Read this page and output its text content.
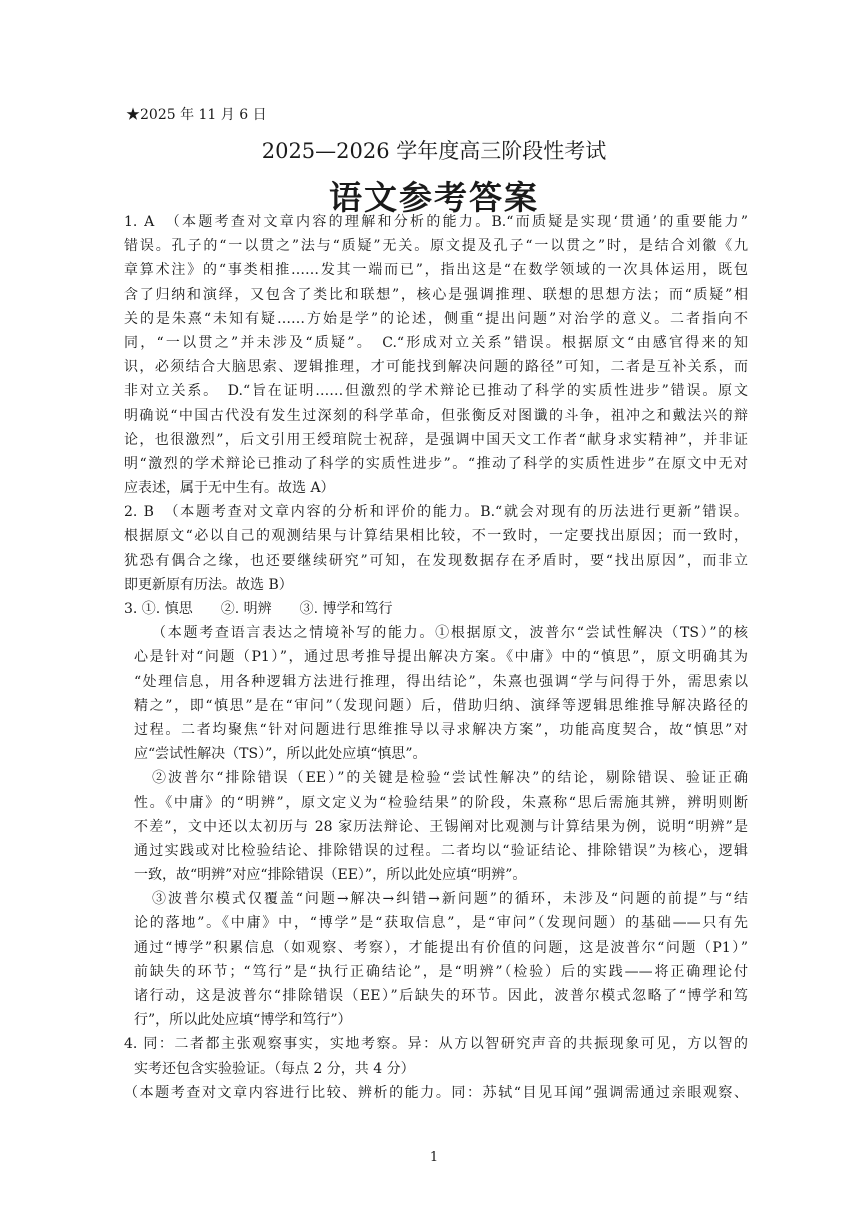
★2025 年 11 月 6 日
2025—2026 学年度高三阶段性考试
语文参考答案
1. A　（本题考查对文章内容的理解和分析的能力。B.“而质疑是实现‘贯通’的重要能力”
错误。孔子的“一以贯之”法与“质疑”无关。原文提及孔子“一以贯之”时，是结合刘徽《九
章算术注》的“事类相推……发其一端而已”，指出这是“在数学领域的一次具体运用，既包
含了归纳和演绎，又包含了类比和联想”，核心是强调推理、联想的思想方法；而“质疑”相
关的是朱熹“未知有疑……方始是学”的论述，侧重“提出问题”对治学的意义。二者指向不
同，“一以贯之”并未涉及“质疑”。　C.“形成对立关系”错误。根据原文“由感官得来的知
识，必须结合大脑思索、逻辑推理，才可能找到解决问题的路径”可知，二者是互补关系，而
非对立关系。　D.“旨在证明……但激烈的学术辩论已推动了科学的实质性进步”错误。原文
明确说“中国古代没有发生过深刻的科学革命，但张衡反对图谶的斗争，祖冲之和戴法兴的辩
论，也很激烈”，后文引用王绶琯院士祝辞，是强调中国天文工作者“献身求实精神”，并非证
明“激烈的学术辩论已推动了科学的实质性进步”。“推动了科学的实质性进步”在原文中无对
应表述，属于无中生有。故选 A）
2. B　（本题考查对文章内容的分析和评价的能力。B.“就会对现有的历法进行更新”错误。
根据原文“必以自己的观测结果与计算结果相比较，不一致时，一定要找出原因；而一致时，
犹恐有偶合之缘，也还要继续研究”可知，在发现数据存在矛盾时，要“找出原因”，而非立
即更新原有历法。故选 B）
3. ①. 慎思　　②. 明辨　　③. 博学和笃行
（本题考查语言表达之情境补写的能力。①根据原文，波普尔“尝试性解决（TS）”的核
心是针对“问题（P1）”，通过思考推导提出解决方案。《中庸》中的“慎思”，原文明确其为
“处理信息，用各种逻辑方法进行推理，得出结论”，朱熹也强调“学与问得于外，需思索以
精之”，即“慎思”是在“审问”（发现问题）后，借助归纳、演绎等逻辑思维推导解决路径的
过程。二者均聚焦“针对问题进行思维推导以寻求解决方案”，功能高度契合，故“慎思”对
应“尝试性解决（TS）”，所以此处应填“慎思”。
②波普尔“排除错误（EE）”的关键是检验“尝试性解决”的结论，剔除错误、验证正确
性。《中庸》的“明辨”，原文定义为“检验结果”的阶段，朱熹称“思后需施其辨，辨明则断
不差”，文中还以太初历与 28 家历法辩论、王锡阐对比观测与计算结果为例，说明“明辨”是
通过实践或对比检验结论、排除错误的过程。二者均以“验证结论、排除错误”为核心，逻辑
一致，故“明辨”对应“排除错误（EE）”，所以此处应填“明辨”。
③波普尔模式仅覆盖“问题→解决→纠错→新问题”的循环，未涉及“问题的前提”与“结
论的落地”。《中庸》中，“博学”是“获取信息”，是“审问”（发现问题）的基础——只有先
通过“博学”积累信息（如观察、考察），才能提出有价值的问题，这是波普尔“问题（P1）”
前缺失的环节；“笃行”是“执行正确结论”，是“明辨”（检验）后的实践——将正确理论付
诸行动，这是波普尔“排除错误（EE）”后缺失的环节。因此，波普尔模式忽略了“博学和笃
行”，所以此处应填“博学和笃行”）
4. 同：二者都主张观察事实，实地考察。异：从方以智研究声音的共振现象可见，方以智的
实考还包含实验验证。（每点 2 分，共 4 分）
（本题考查对文章内容进行比较、辨析的能力。同：苏轼“目见耳闻”强调需通过亲眼观察、
1
